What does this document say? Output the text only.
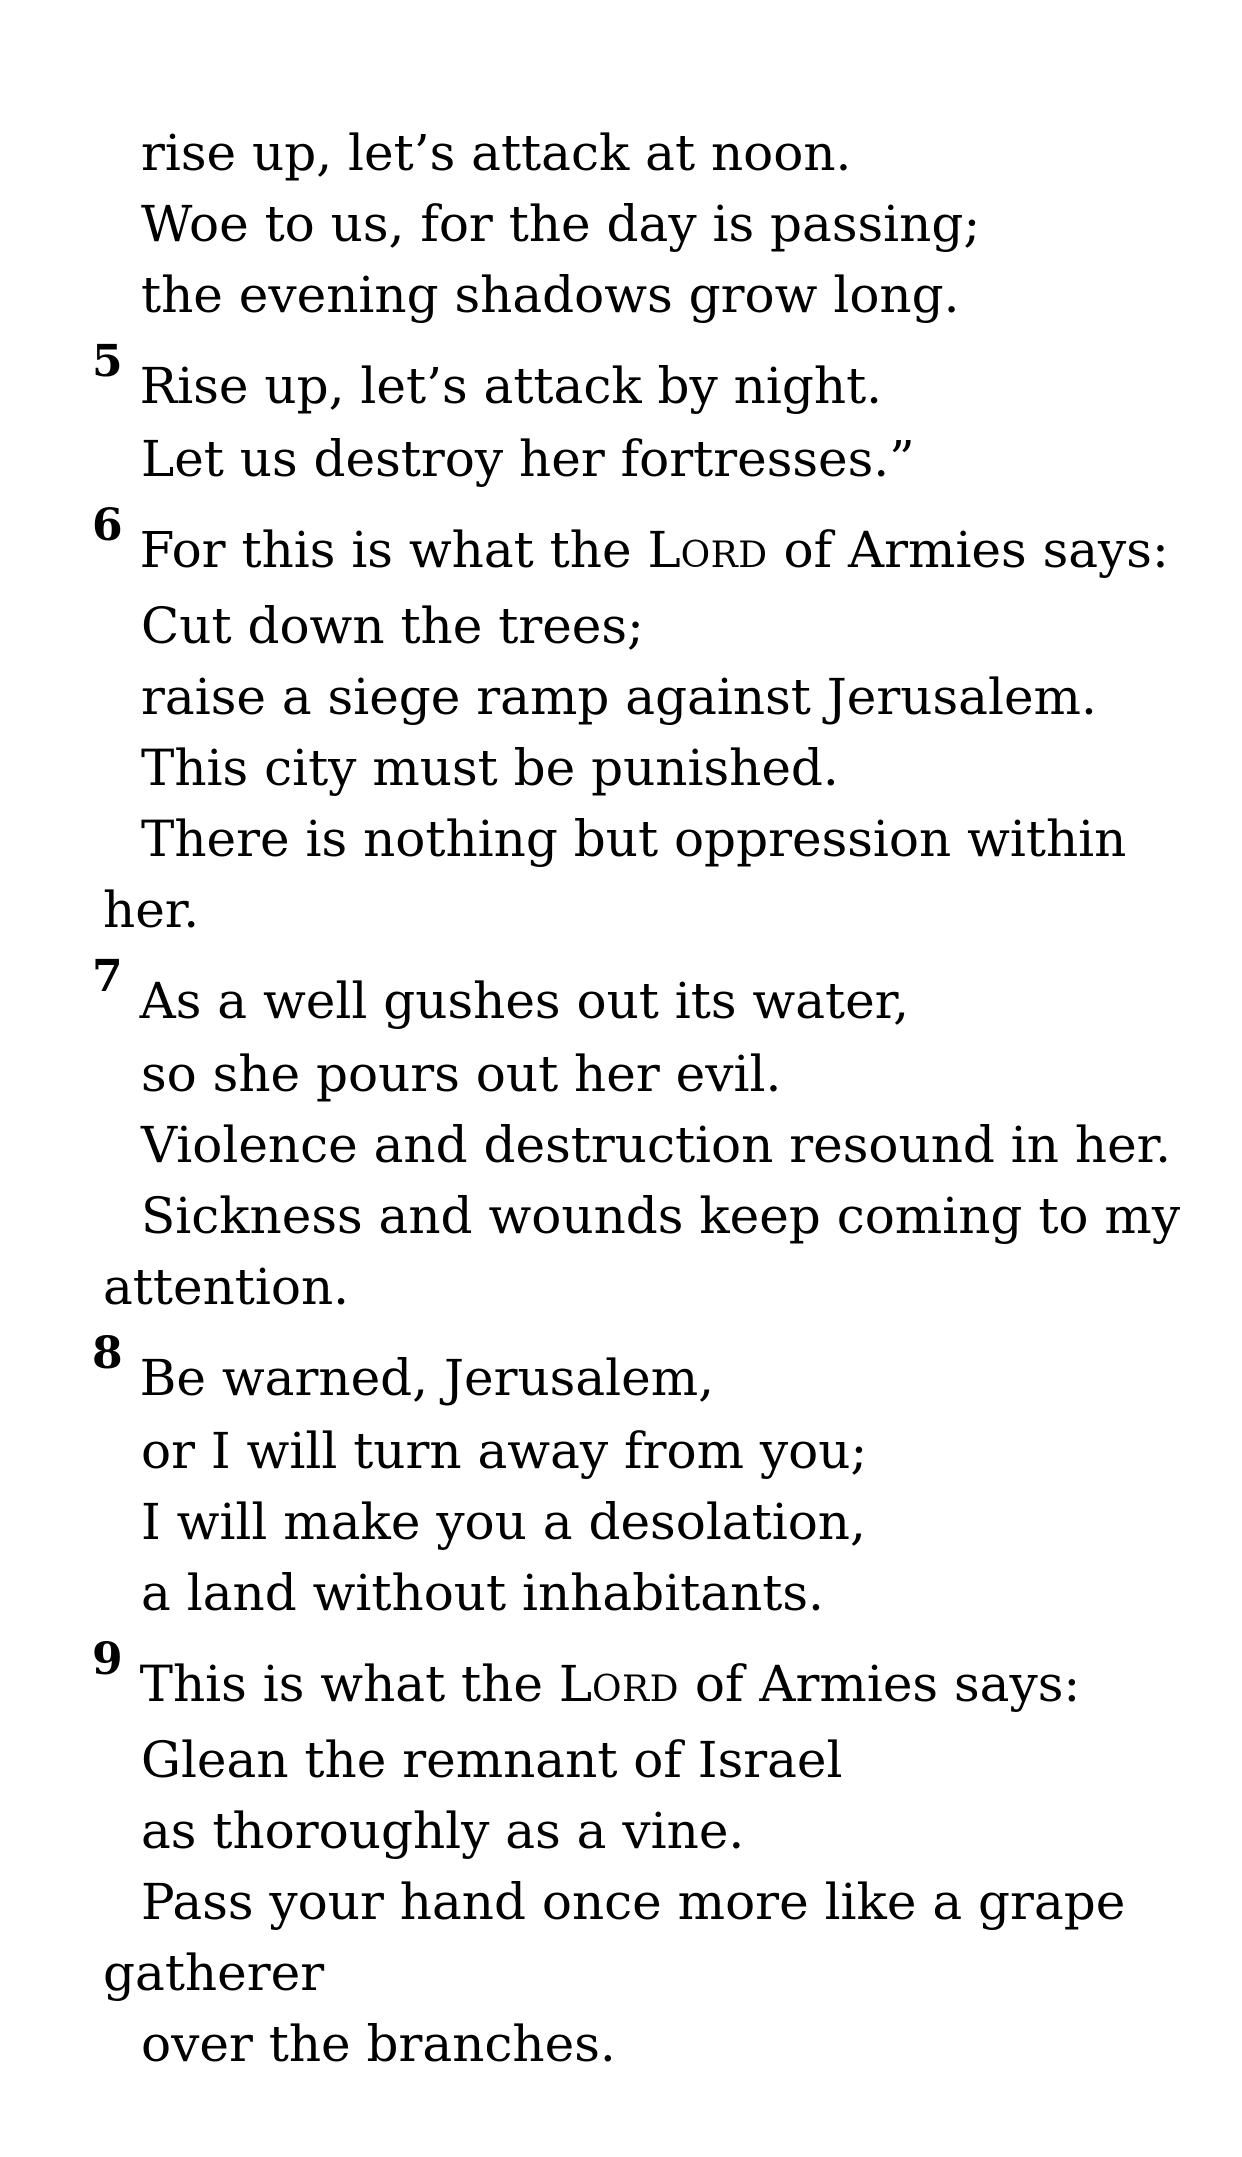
rise up, let’s attack at noon.
Woe to us, for the day is passing;
the evening shadows grow long.
5 Rise up, let’s attack by night.
Let us destroy her fortresses.”
6 For this is what the LORD of Armies says:
Cut down the trees;
raise a siege ramp against Jerusalem.
This city must be punished.
There is nothing but oppression within
her.
7 As a well gushes out its water,
so she pours out her evil.
Violence and destruction resound in her.
Sickness and wounds keep coming to my
attention.
8 Be warned, Jerusalem,
or I will turn away from you;
I will make you a desolation,
a land without inhabitants.
9 This is what the LORD of Armies says:
Glean the remnant of Israel
as thoroughly as a vine.
Pass your hand once more like a grape
gatherer
over the branches.
